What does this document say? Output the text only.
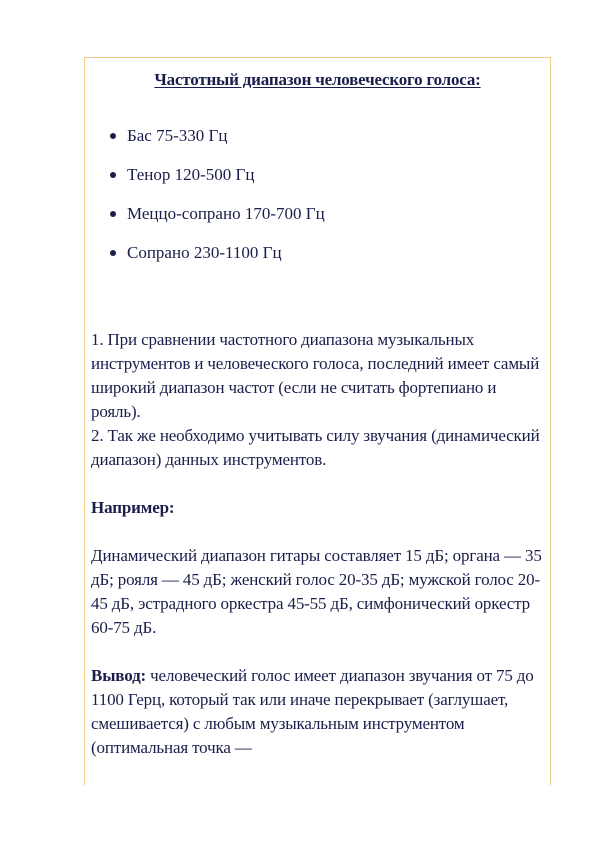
Частотный диапазон человеческого голоса:
Бас 75-330 Гц
Тенор 120-500 Гц
Меццо-сопрано 170-700 Гц
Сопрано 230-1100 Гц

1. При сравнении частотного диапазона музыкальных инструментов и человеческого голоса, последний имеет самый широкий диапазон частот (если не считать фортепиано и рояль).

2. Так же необходимо учитывать силу звучания (динамический диапазон) данных инструментов.

Например:

Динамический диапазон гитары составляет 15 дБ; органа — 35 дБ; рояля — 45 дБ; женский голос 20-35 дБ; мужской голос 20-45 дБ, эстрадного оркестра 45-55 дБ, симфонический оркестр 60-75 дБ.

Вывод: человеческий голос имеет диапазон звучания от 75 до 1100 Герц, который так или иначе перекрывает (заглушает, смешивается) с любым музыкальным инструментом (оптимальная точка —
